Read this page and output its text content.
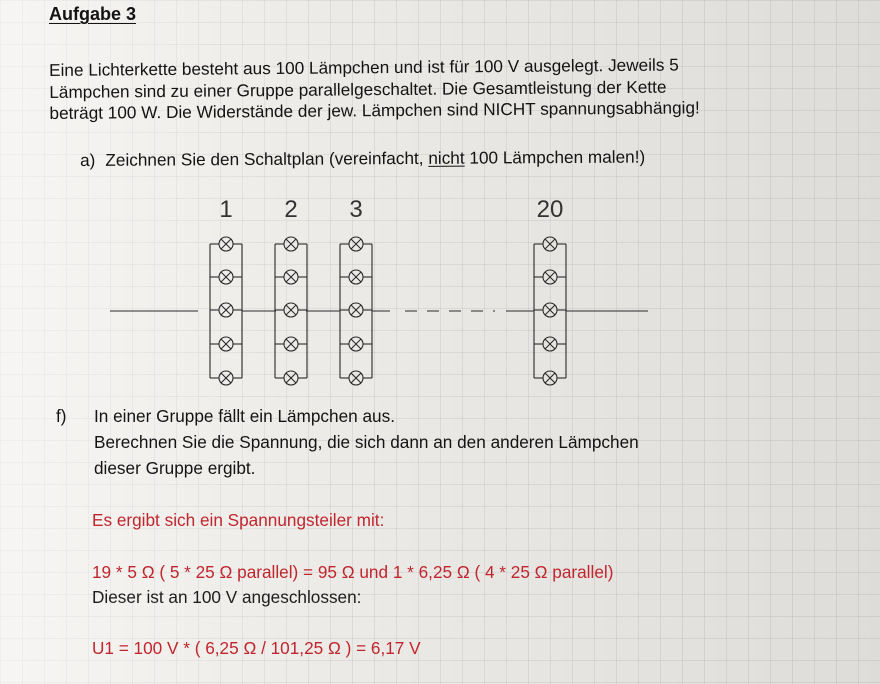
Aufgabe 3
Eine Lichterkette besteht aus 100 Lämpchen und ist für 100 V ausgelegt. Jeweils 5
Lämpchen sind zu einer Gruppe parallelgeschaltet. Die Gesamtleistung der Kette
beträgt 100 W. Die Widerstände der jew. Lämpchen sind NICHT spannungsabhängig!
a) Zeichnen Sie den Schaltplan (vereinfacht, nicht 100 Lämpchen malen!)
1 2 3	20
f)	In einer Gruppe fällt ein Lämpchen aus.
Berechnen Sie die Spannung, die sich dann an den anderen Lämpchen
dieser Gruppe ergibt.
Es ergibt sich ein Spannungsteiler mit:
19 * 5 Ω ( 5 * 25 Ω parallel) = 95 Ω und 1 * 6,25 Ω ( 4 * 25 Ω parallel)
Dieser ist an 100 V angeschlossen:
U1 = 100 V * ( 6,25 Ω / 101,25 Ω ) = 6,17 V
